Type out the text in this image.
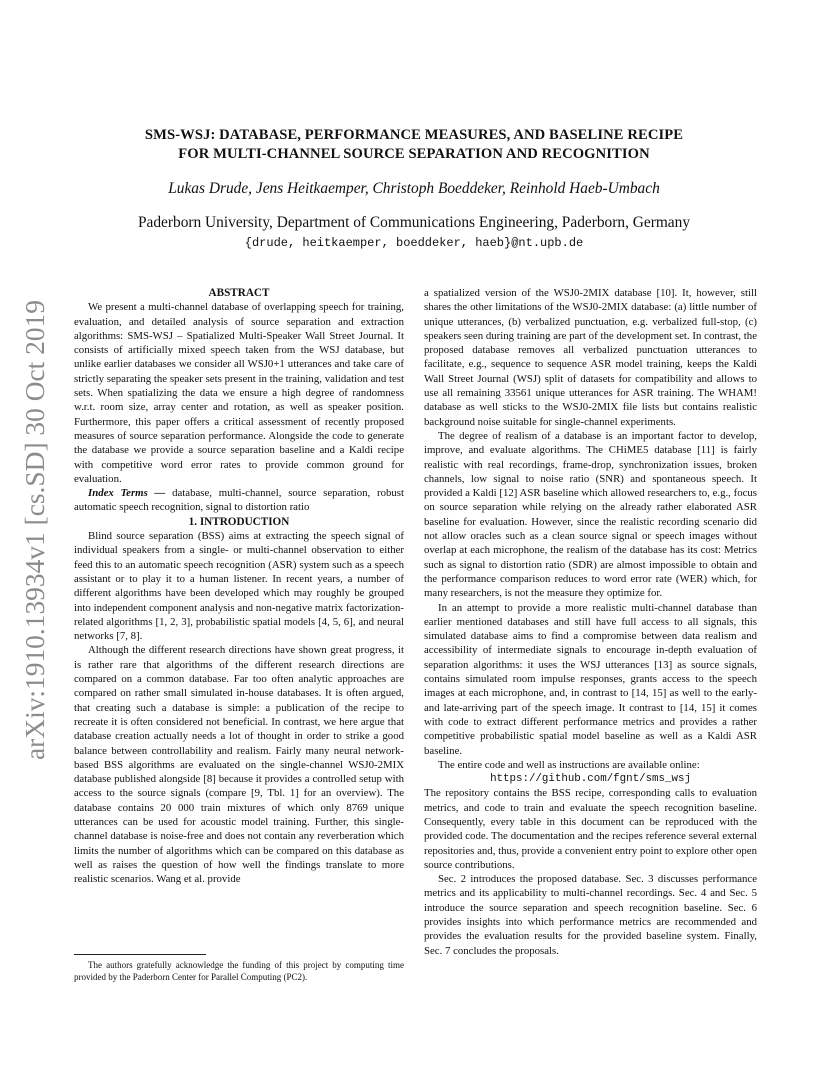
arXiv:1910.13934v1 [cs.SD] 30 Oct 2019
SMS-WSJ: DATABASE, PERFORMANCE MEASURES, AND BASELINE RECIPE
FOR MULTI-CHANNEL SOURCE SEPARATION AND RECOGNITION
Lukas Drude, Jens Heitkaemper, Christoph Boeddeker, Reinhold Haeb-Umbach
Paderborn University, Department of Communications Engineering, Paderborn, Germany
{drude, heitkaemper, boeddeker, haeb}@nt.upb.de

ABSTRACT

We present a multi-channel database of overlapping speech for training, evaluation, and detailed analysis of source separation and extraction algorithms: SMS-WSJ – Spatialized Multi-Speaker Wall Street Journal. It consists of artificially mixed speech taken from the WSJ database, but unlike earlier databases we consider all WSJ0+1 utterances and take care of strictly separating the speaker sets present in the training, validation and test sets. When spatializing the data we ensure a high degree of randomness w.r.t. room size, array center and rotation, as well as speaker position. Furthermore, this paper offers a critical assessment of recently proposed measures of source separation performance. Alongside the code to generate the database we provide a source separation baseline and a Kaldi recipe with competitive word error rates to provide common ground for evaluation.

Index Terms — database, multi-channel, source separation, robust automatic speech recognition, signal to distortion ratio

1. INTRODUCTION

Blind source separation (BSS) aims at extracting the speech signal of individual speakers from a single- or multi-channel observation to either feed this to an automatic speech recognition (ASR) system such as a speech assistant or to play it to a human listener. In recent years, a number of different algorithms have been developed which may roughly be grouped into independent component analysis and non-negative matrix factorization-related algorithms [1, 2, 3], probabilistic spatial models [4, 5, 6], and neural networks [7, 8].

Although the different research directions have shown great progress, it is rather rare that algorithms of the different research directions are compared on a common database. Far too often analytic approaches are compared on rather small simulated in-house databases. It is often argued, that creating such a database is simple: a publication of the recipe to recreate it is often considered not beneficial. In contrast, we here argue that database creation actually needs a lot of thought in order to strike a good balance between controllability and realism. Fairly many neural network-based BSS algorithms are evaluated on the single-channel WSJ0-2MIX database published alongside [8] because it provides a controlled setup with access to the source signals (compare [9, Tbl. 1] for an overview). The database contains 20 000 train mixtures of which only 8769 unique utterances can be used for acoustic model training. Further, this single-channel database is noise-free and does not contain any reverberation which limits the number of algorithms which can be compared on this database as well as raises the question of how well the findings translate to more realistic scenarios. Wang et al. provide

The authors gratefully acknowledge the funding of this project by computing time provided by the Paderborn Center for Parallel Computing (PC2).

a spatialized version of the WSJ0-2MIX database [10]. It, however, still shares the other limitations of the WSJ0-2MIX database: (a) little number of unique utterances, (b) verbalized punctuation, e.g. verbalized full-stop, (c) speakers seen during training are part of the development set. In contrast, the proposed database removes all verbalized punctuation utterances to facilitate, e.g., sequence to sequence ASR model training, keeps the Kaldi Wall Street Journal (WSJ) split of datasets for compatibility and allows to use all remaining 33561 unique utterances for ASR training. The WHAM! database as well sticks to the WSJ0-2MIX file lists but contains realistic background noise suitable for single-channel experiments.

The degree of realism of a database is an important factor to develop, improve, and evaluate algorithms. The CHiME5 database [11] is fairly realistic with real recordings, frame-drop, synchronization issues, broken channels, low signal to noise ratio (SNR) and spontaneous speech. It provided a Kaldi [12] ASR baseline which allowed researchers to, e.g., focus on source separation while relying on the already rather elaborated ASR baseline for evaluation. However, since the realistic recording scenario did not allow oracles such as a clean source signal or speech images without overlap at each microphone, the realism of the database has its cost: Metrics such as signal to distortion ratio (SDR) are almost impossible to obtain and the performance comparison reduces to word error rate (WER) which, for many researchers, is not the measure they optimize for.

In an attempt to provide a more realistic multi-channel database than earlier mentioned databases and still have full access to all signals, this simulated database aims to find a compromise between data realism and accessibility of intermediate signals to encourage in-depth evaluation of separation algorithms: it uses the WSJ utterances [13] as source signals, contains simulated room impulse responses, grants access to the speech images at each microphone, and, in contrast to [14, 15] as well to the early- and late-arriving part of the speech image. It contrast to [14, 15] it comes with code to extract different performance metrics and provides a rather competitive probabilistic spatial model baseline as well as a Kaldi ASR baseline.

The entire code and well as instructions are available online:

https://github.com/fgnt/sms_wsj

The repository contains the BSS recipe, corresponding calls to evaluation metrics, and code to train and evaluate the speech recognition baseline. Consequently, every table in this document can be reproduced with the provided code. The documentation and the recipes reference several external repositories and, thus, provide a convenient entry point to explore other open source contributions.

Sec. 2 introduces the proposed database. Sec. 3 discusses performance metrics and its applicability to multi-channel recordings. Sec. 4 and Sec. 5 introduce the source separation and speech recognition baseline. Sec. 6 provides insights into which performance metrics are recommended and provides the evaluation results for the provided baseline system. Finally, Sec. 7 concludes the proposals.
